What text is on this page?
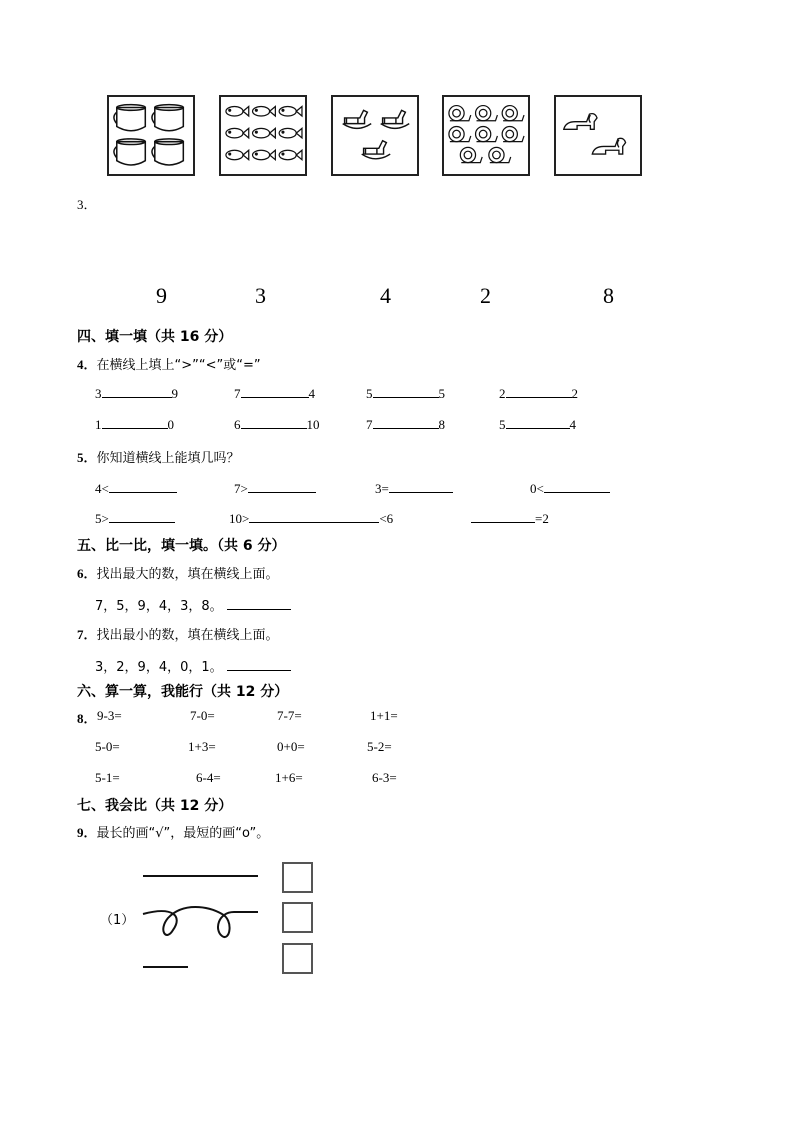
3．
9	3	4	2	8
四、填一填（共 16 分）
4．在横线上填上“>”“<”或“=”
3	9	7	4	5	5	2	2
1	0	6	10	7	8	5	4
5．你知道横线上能填几吗？
4<	7>	3=	0<
5>	10>	<6	=2
五、比一比，填一填。（共 6 分）
6．找出最大的数，填在横线上面。
7，5，9，4，3，8。
7．找出最小的数，填在横线上面。
3，2，9，4，0，1。
六、算一算，我能行（共 12 分）
8． 9-3=	7-0=	7-7=	1+1=
5-0=	1+3=	0+0=	5-2=
5-1=	6-4=	1+6=	6-3=
七、我会比（共 12 分）
9．最长的画“√”，最短的画“o”。
（1）
